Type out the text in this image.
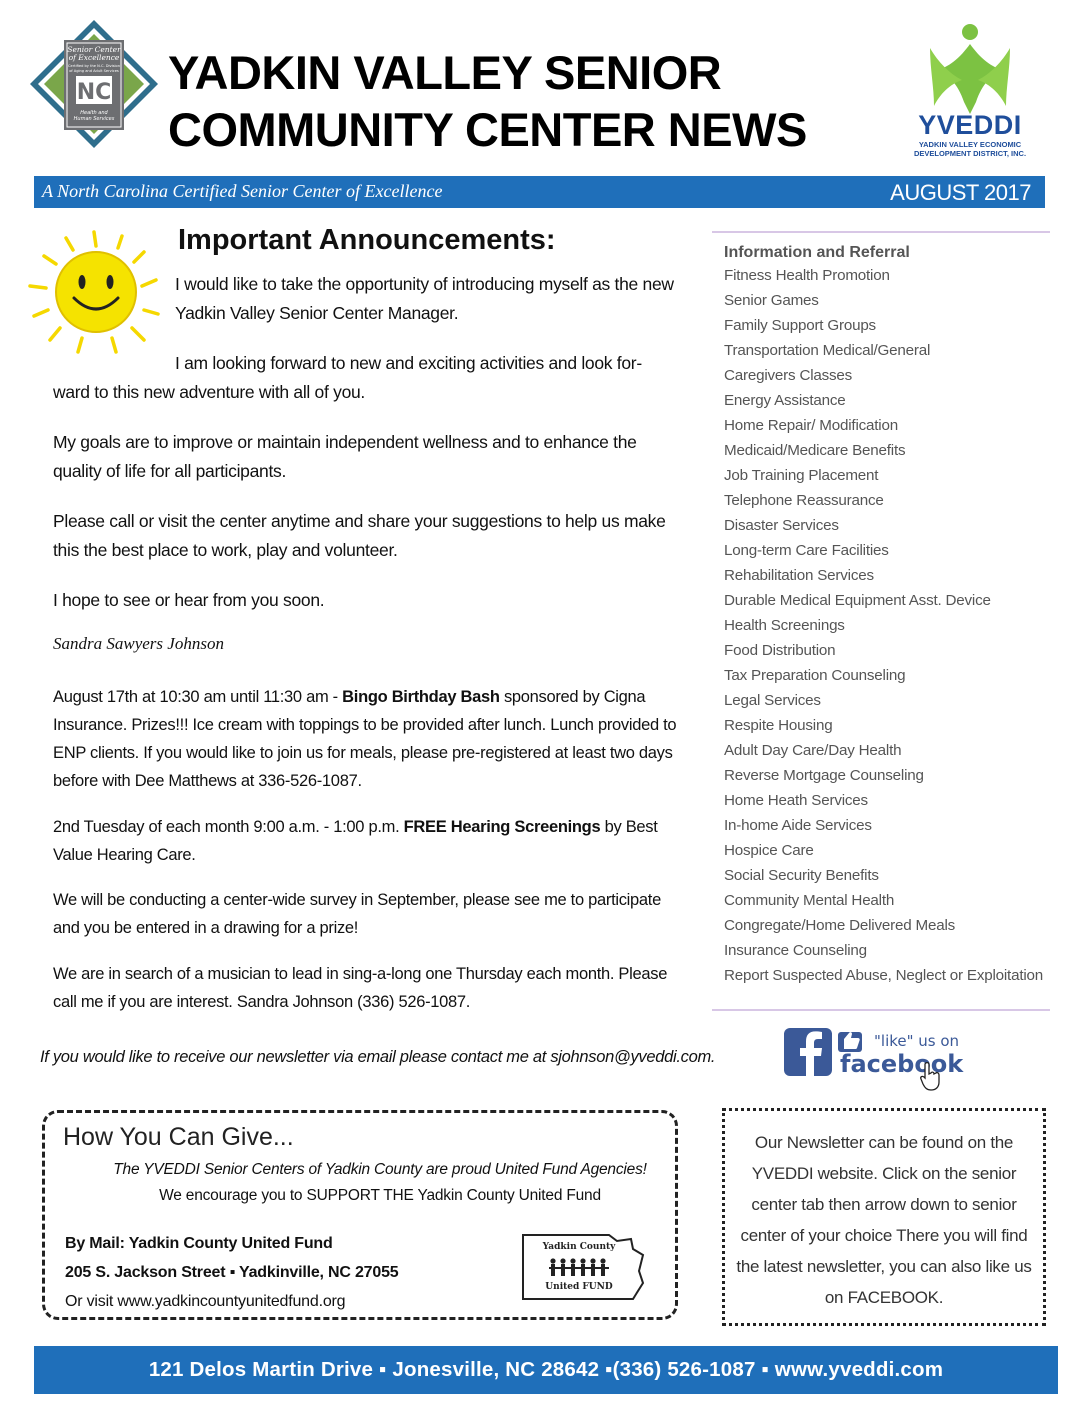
Senior Center
of Excellence
Certified by the N.C. Division
of Aging and Adult Services
NC
Health and
Human Services
YADKIN VALLEY SENIOR
COMMUNITY CENTER NEWS	YVEDDI
YADKIN VALLEY ECONOMIC
DEVELOPMENT DISTRICT, INC.
A North Carolina Certified Senior Center of Excellence	AUGUST 2017
Important Announcements:
I would like to take the opportunity of introducing myself as the new Yadkin Valley Senior Center Manager.
I am looking forward to new and exciting activities and look for-
ward to this new adventure with all of you.
My goals are to improve or maintain independent wellness and to enhance the quality of life for all participants.
Please call or visit the center anytime and share your suggestions to help us make this the best place to work, play and volunteer.
I hope to see or hear from you soon.
Sandra Sawyers Johnson
August 17th at 10:30 am until 11:30 am - Bingo Birthday Bash sponsored by Cigna Insurance. Prizes!!! Ice cream with toppings to be provided after lunch. Lunch provided to ENP clients. If you would like to join us for meals, please pre-registered at least two days before with Dee Matthews at 336-526-1087.
2nd Tuesday of each month 9:00 a.m. - 1:00 p.m. FREE Hearing Screenings by Best Value Hearing Care.
We will be conducting a center-wide survey in September, please see me to participate and you be entered in a drawing for a prize!
We are in search of a musician to lead in sing-a-long one Thursday each month. Please call me if you are interest. Sandra Johnson (336) 526-1087.
If you would like to receive our newsletter via email please contact me at sjohnson@yveddi.com.
Information and Referral
Fitness Health Promotion
Senior Games
Family Support Groups
Transportation Medical/General
Caregivers Classes
Energy Assistance
Home Repair/ Modification
Medicaid/Medicare Benefits
Job Training Placement
Telephone Reassurance
Disaster Services
Long-term Care Facilities
Rehabilitation Services
Durable Medical Equipment Asst. Device
Health Screenings
Food Distribution
Tax Preparation Counseling
Legal Services
Respite Housing
Adult Day Care/Day Health
Reverse Mortgage Counseling
Home Heath Services
In-home Aide Services
Hospice Care
Social Security Benefits
Community Mental Health
Congregate/Home Delivered Meals
Insurance Counseling
Report Suspected Abuse, Neglect or Exploitation
"like" us on
facebook
How You Can Give...
The YVEDDI Senior Centers of Yadkin County are proud United Fund Agencies!
We encourage you to SUPPORT THE Yadkin County United Fund
By Mail: Yadkin County United Fund
205 S. Jackson Street ▪ Yadkinville, NC 27055
Or visit www.yadkincountyunitedfund.org
Yadkin County
United FUND
Our Newsletter can be found on the YVEDDI website. Click on the senior center tab then arrow down to senior center of your choice There you will find the latest newsletter, you can also like us on FACEBOOK.
121 Delos Martin Drive ▪ Jonesville, NC 28642 ▪(336) 526-1087 ▪ www.yveddi.com
